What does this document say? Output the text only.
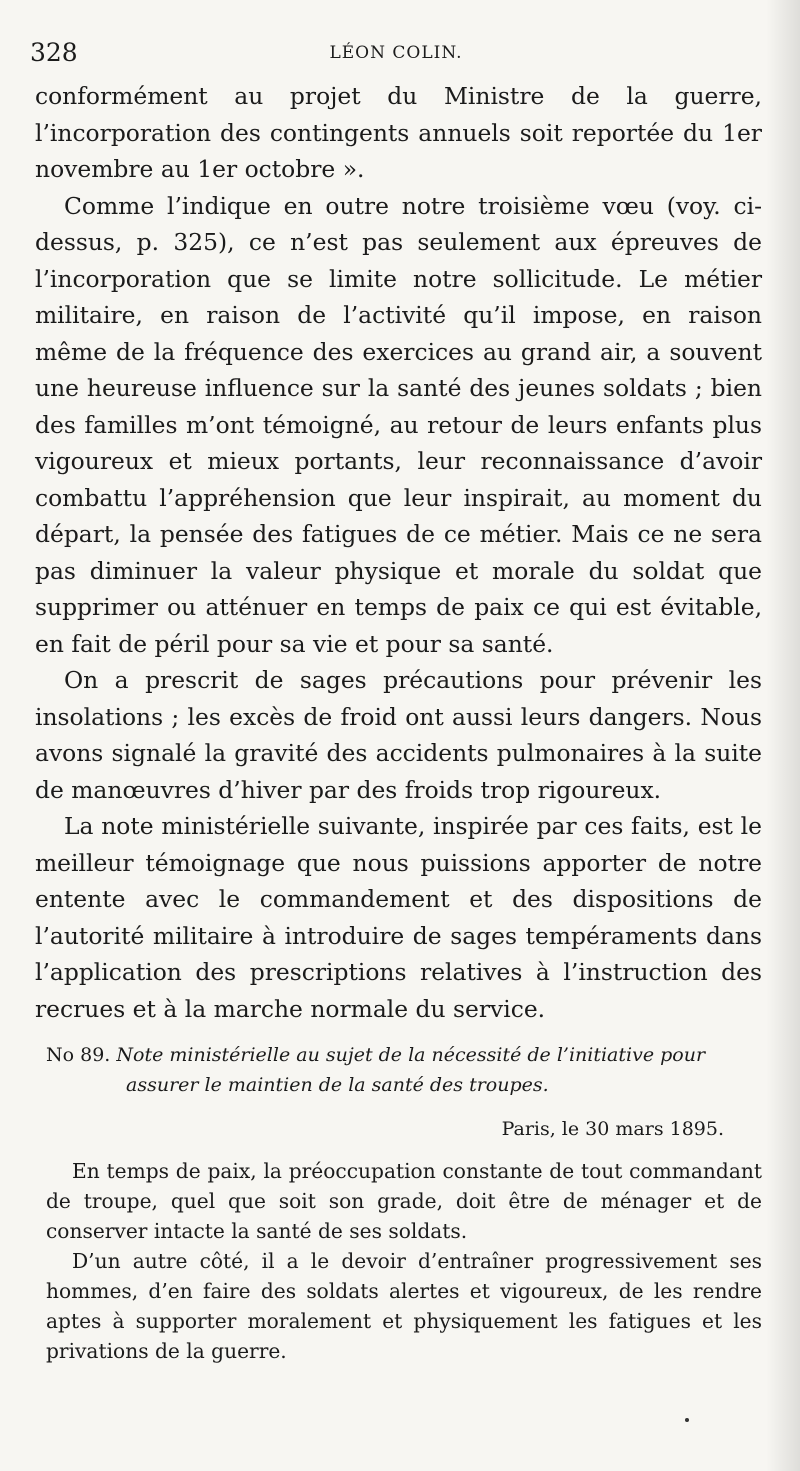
328	LÉON COLIN.

conformément au projet du Ministre de la guerre, l’incorporation des contingents annuels soit reportée du 1er novembre au 1er octobre ».

Comme l’indique en outre notre troisième vœu (voy. ci-dessus, p. 325), ce n’est pas seulement aux épreuves de l’incorporation que se limite notre sollicitude. Le métier militaire, en raison de l’activité qu’il impose, en raison même de la fréquence des exercices au grand air, a souvent une heureuse influence sur la santé des jeunes soldats ; bien des familles m’ont témoigné, au retour de leurs enfants plus vigoureux et mieux portants, leur reconnaissance d’avoir combattu l’appréhension que leur inspirait, au moment du départ, la pensée des fatigues de ce métier. Mais ce ne sera pas diminuer la valeur physique et morale du soldat que supprimer ou atténuer en temps de paix ce qui est évitable, en fait de péril pour sa vie et pour sa santé.

On a prescrit de sages précautions pour prévenir les insolations ; les excès de froid ont aussi leurs dangers. Nous avons signalé la gravité des accidents pulmonaires à la suite de manœuvres d’hiver par des froids trop rigoureux.

La note ministérielle suivante, inspirée par ces faits, est le meilleur témoignage que nous puissions apporter de notre entente avec le commandement et des dispositions de l’autorité militaire à introduire de sages tempéraments dans l’application des prescriptions relatives à l’instruction des recrues et à la marche normale du service.

No 89. Note ministérielle au sujet de la nécessité de l’initiative pour
assurer le maintien de la santé des troupes.

Paris, le 30 mars 1895.

En temps de paix, la préoccupation constante de tout commandant de troupe, quel que soit son grade, doit être de ménager et de conserver intacte la santé de ses soldats.

D’un autre côté, il a le devoir d’entraîner progressivement ses hommes, d’en faire des soldats alertes et vigoureux, de les rendre aptes à supporter moralement et physiquement les fatigues et les privations de la guerre.
